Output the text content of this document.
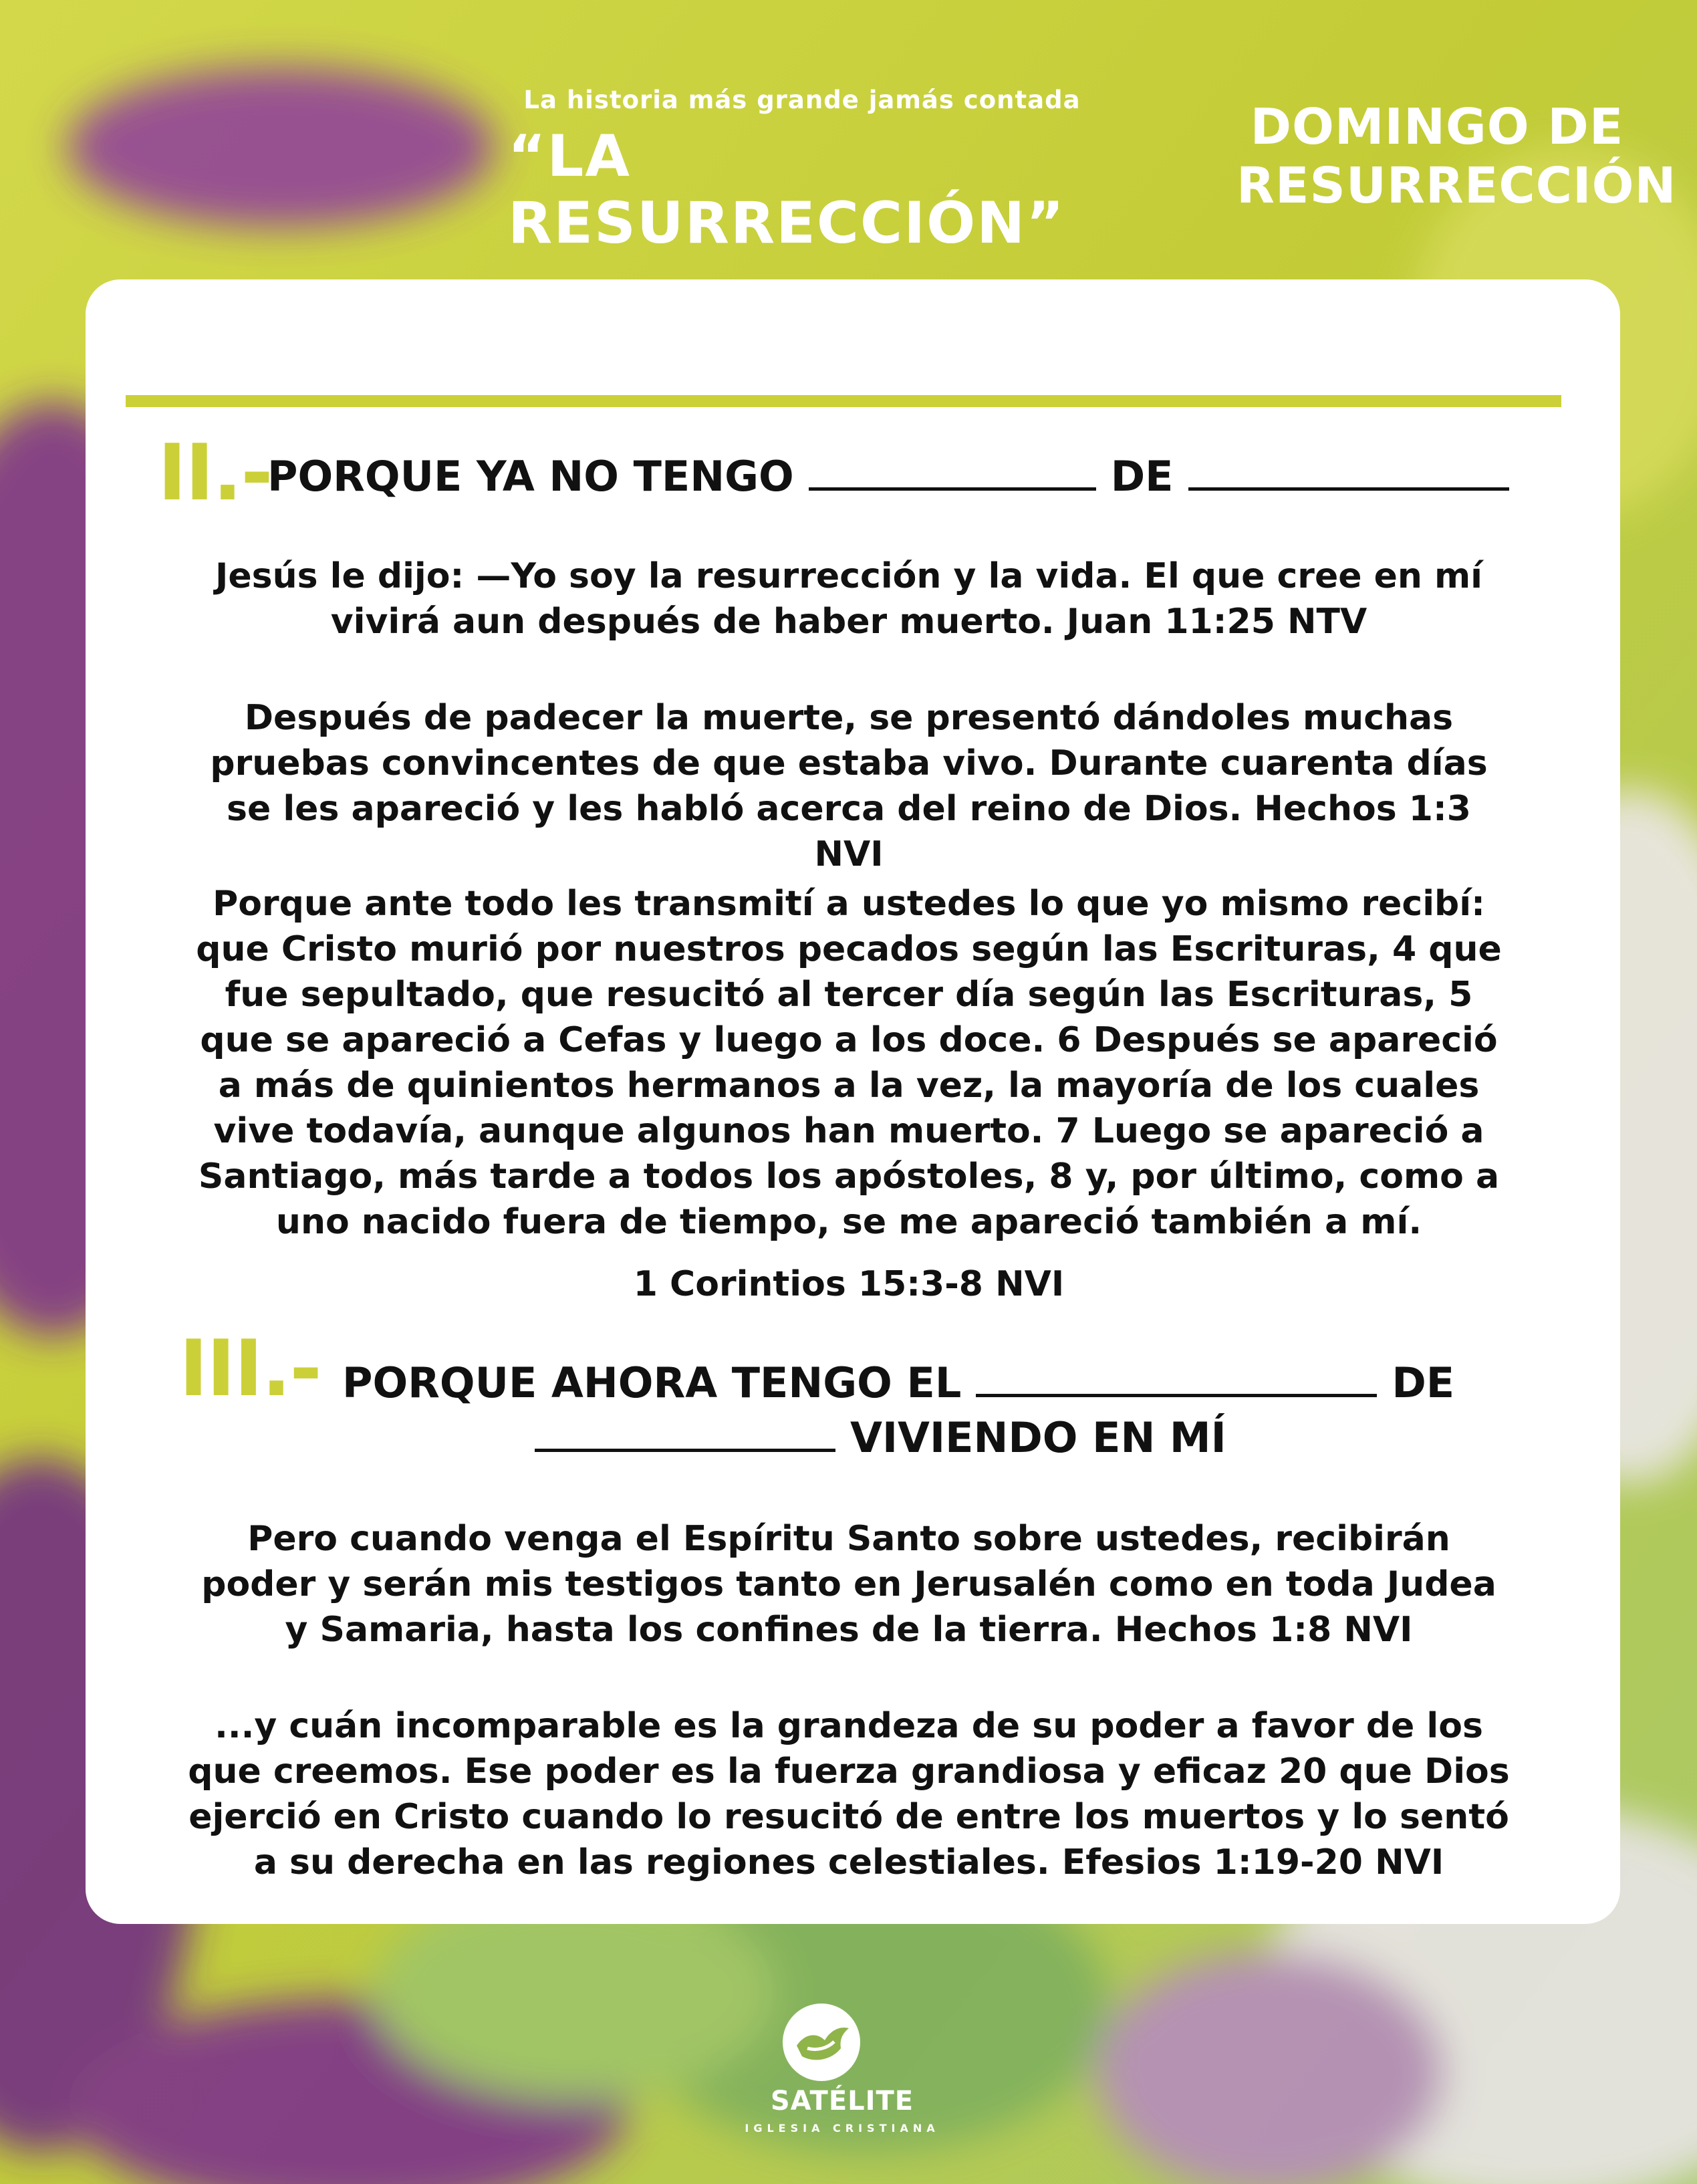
La historia más grande jamás contada
“LA RESURRECCIÓN”
DOMINGO DE
RESURRECCIÓN
II.-
PORQUE YA NO TENGO	DE

Jesús le dijo: —Yo soy la resurrección y la vida. El que cree en mí vivirá aun después de haber muerto. Juan 11:25 NTV

Después de padecer la muerte, se presentó dándoles muchas pruebas convincentes de que estaba vivo. Durante cuarenta días se les apareció y les habló acerca del reino de Dios. Hechos 1:3 NVI

Porque ante todo les transmití a ustedes lo que yo mismo recibí: que Cristo murió por nuestros pecados según las Escrituras, 4 que fue sepultado, que resucitó al tercer día según las Escrituras, 5 que se apareció a Cefas y luego a los doce. 6 Después se apareció a más de quinientos hermanos a la vez, la mayoría de los cuales vive todavía, aunque algunos han muerto. 7 Luego se apareció a Santiago, más tarde a todos los apóstoles, 8 y, por último, como a uno nacido fuera de tiempo, se me apareció también a mí.

1 Corintios 15:3-8 NVI

III.- PORQUE AHORA TENGO EL	DE
VIVIENDO EN MÍ

Pero cuando venga el Espíritu Santo sobre ustedes, recibirán poder y serán mis testigos tanto en Jerusalén como en toda Judea y Samaria, hasta los confines de la tierra. Hechos 1:8 NVI

...y cuán incomparable es la grandeza de su poder a favor de los que creemos. Ese poder es la fuerza grandiosa y eficaz 20 que Dios ejerció en Cristo cuando lo resucitó de entre los muertos y lo sentó a su derecha en las regiones celestiales. Efesios 1:19-20 NVI

SATÉLITE
IGLESIA CRISTIANA
